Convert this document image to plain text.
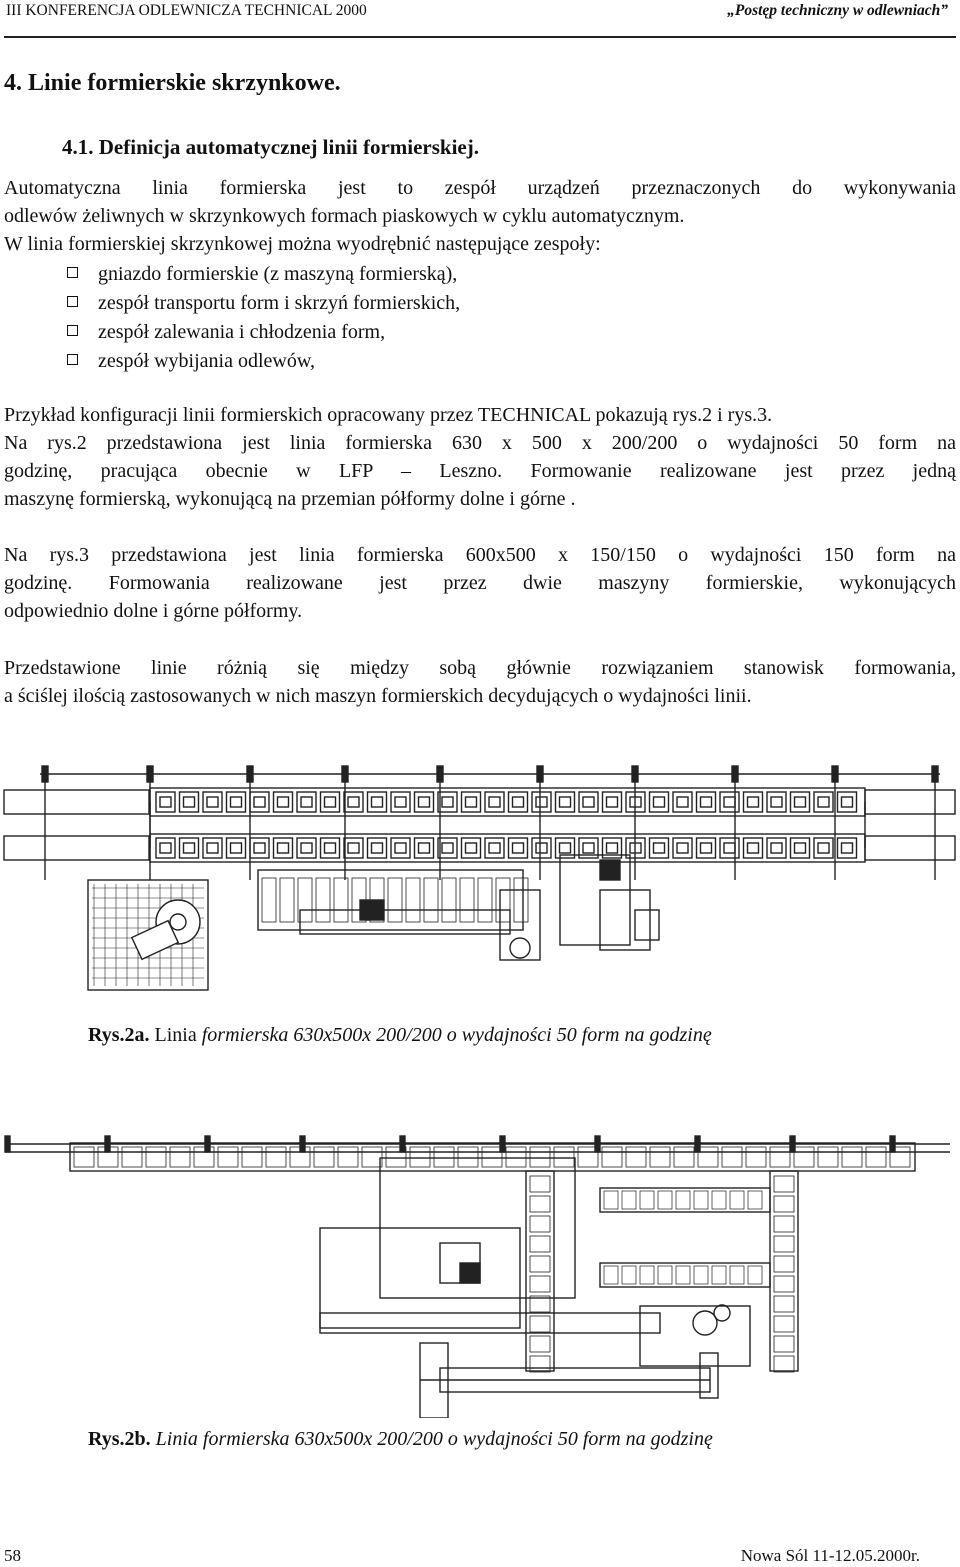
III KONFERENCJA ODLEWNICZA TECHNICAL 2000	„Postęp techniczny w odlewniach”
4. Linie formierskie skrzynkowe.
4.1. Definicja automatycznej linii formierskiej.
Automatyczna linia formierska jest to zespół urządzeń przeznaczonych do wykonywania
odlewów żeliwnych w skrzynkowych formach piaskowych w cyklu automatycznym.
W linia formierskiej skrzynkowej można wyodrębnić następujące zespoły:
gniazdo formierskie (z maszyną formierską),
zespół transportu form i skrzyń formierskich,
zespół zalewania i chłodzenia form,
zespół wybijania odlewów,
Przykład konfiguracji linii formierskich opracowany przez TECHNICAL pokazują rys.2 i rys.3.
Na rys.2 przedstawiona jest linia formierska 630 x 500 x 200/200 o wydajności 50 form na
godzinę, pracująca obecnie w LFP – Leszno. Formowanie realizowane jest przez jedną
maszynę formierską, wykonującą na przemian półformy dolne i górne .
Na rys.3 przedstawiona jest linia formierska 600x500 x 150/150 o wydajności 150 form na
godzinę. Formowania realizowane jest przez dwie maszyny formierskie, wykonujących
odpowiednio dolne i górne półformy.
Przedstawione linie różnią się między sobą głównie rozwiązaniem stanowisk formowania,
a ściślej ilością zastosowanych w nich maszyn formierskich decydujących o wydajności linii.
Rys.2a. Linia formierska 630x500x 200/200 o wydajności 50 form na godzinę
Rys.2b. Linia formierska 630x500x 200/200 o wydajności 50 form na godzinę
58	Nowa Sól 11-12.05.2000r.
